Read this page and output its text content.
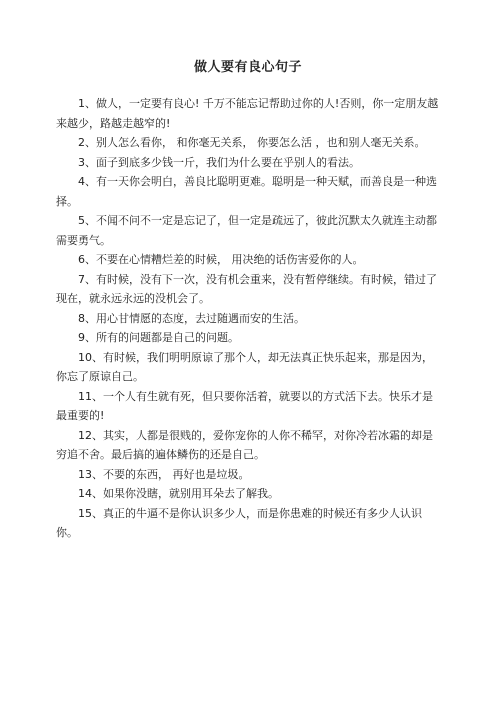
做人要有良心句子

1、做人，一定要有良心! 千万不能忘记帮助过你的人!否则，你一定朋友越来越少，路越走越窄的!

2、别人怎么看你， 和你毫无关系， 你要怎么活 ，也和别人毫无关系。

3、面子到底多少钱一斤，我们为什么要在乎别人的看法。

4、有一天你会明白，善良比聪明更难。聪明是一种天赋，而善良是一种选择。

5、不闻不问不一定是忘记了，但一定是疏远了，彼此沉默太久就连主动都需要勇气。

6、不要在心情糟烂差的时候， 用决绝的话伤害爱你的人。

7、有时候，没有下一次，没有机会重来，没有暂停继续。有时候，错过了现在，就永远永远的没机会了。

8、用心甘情愿的态度，去过随遇而安的生活。

9、所有的问题都是自己的问题。

10、有时候，我们明明原谅了那个人，却无法真正快乐起来，那是因为，你忘了原谅自己。

11、一个人有生就有死，但只要你活着，就要以的方式活下去。快乐才是最重要的!

12、其实，人都是很贱的，爱你宠你的人你不稀罕，对你冷若冰霜的却是穷追不舍。最后搞的遍体鳞伤的还是自己。

13、不要的东西， 再好也是垃圾。

14、如果你没瞎，就别用耳朵去了解我。

15、真正的牛逼不是你认识多少人，而是你患难的时候还有多少人认识你。
